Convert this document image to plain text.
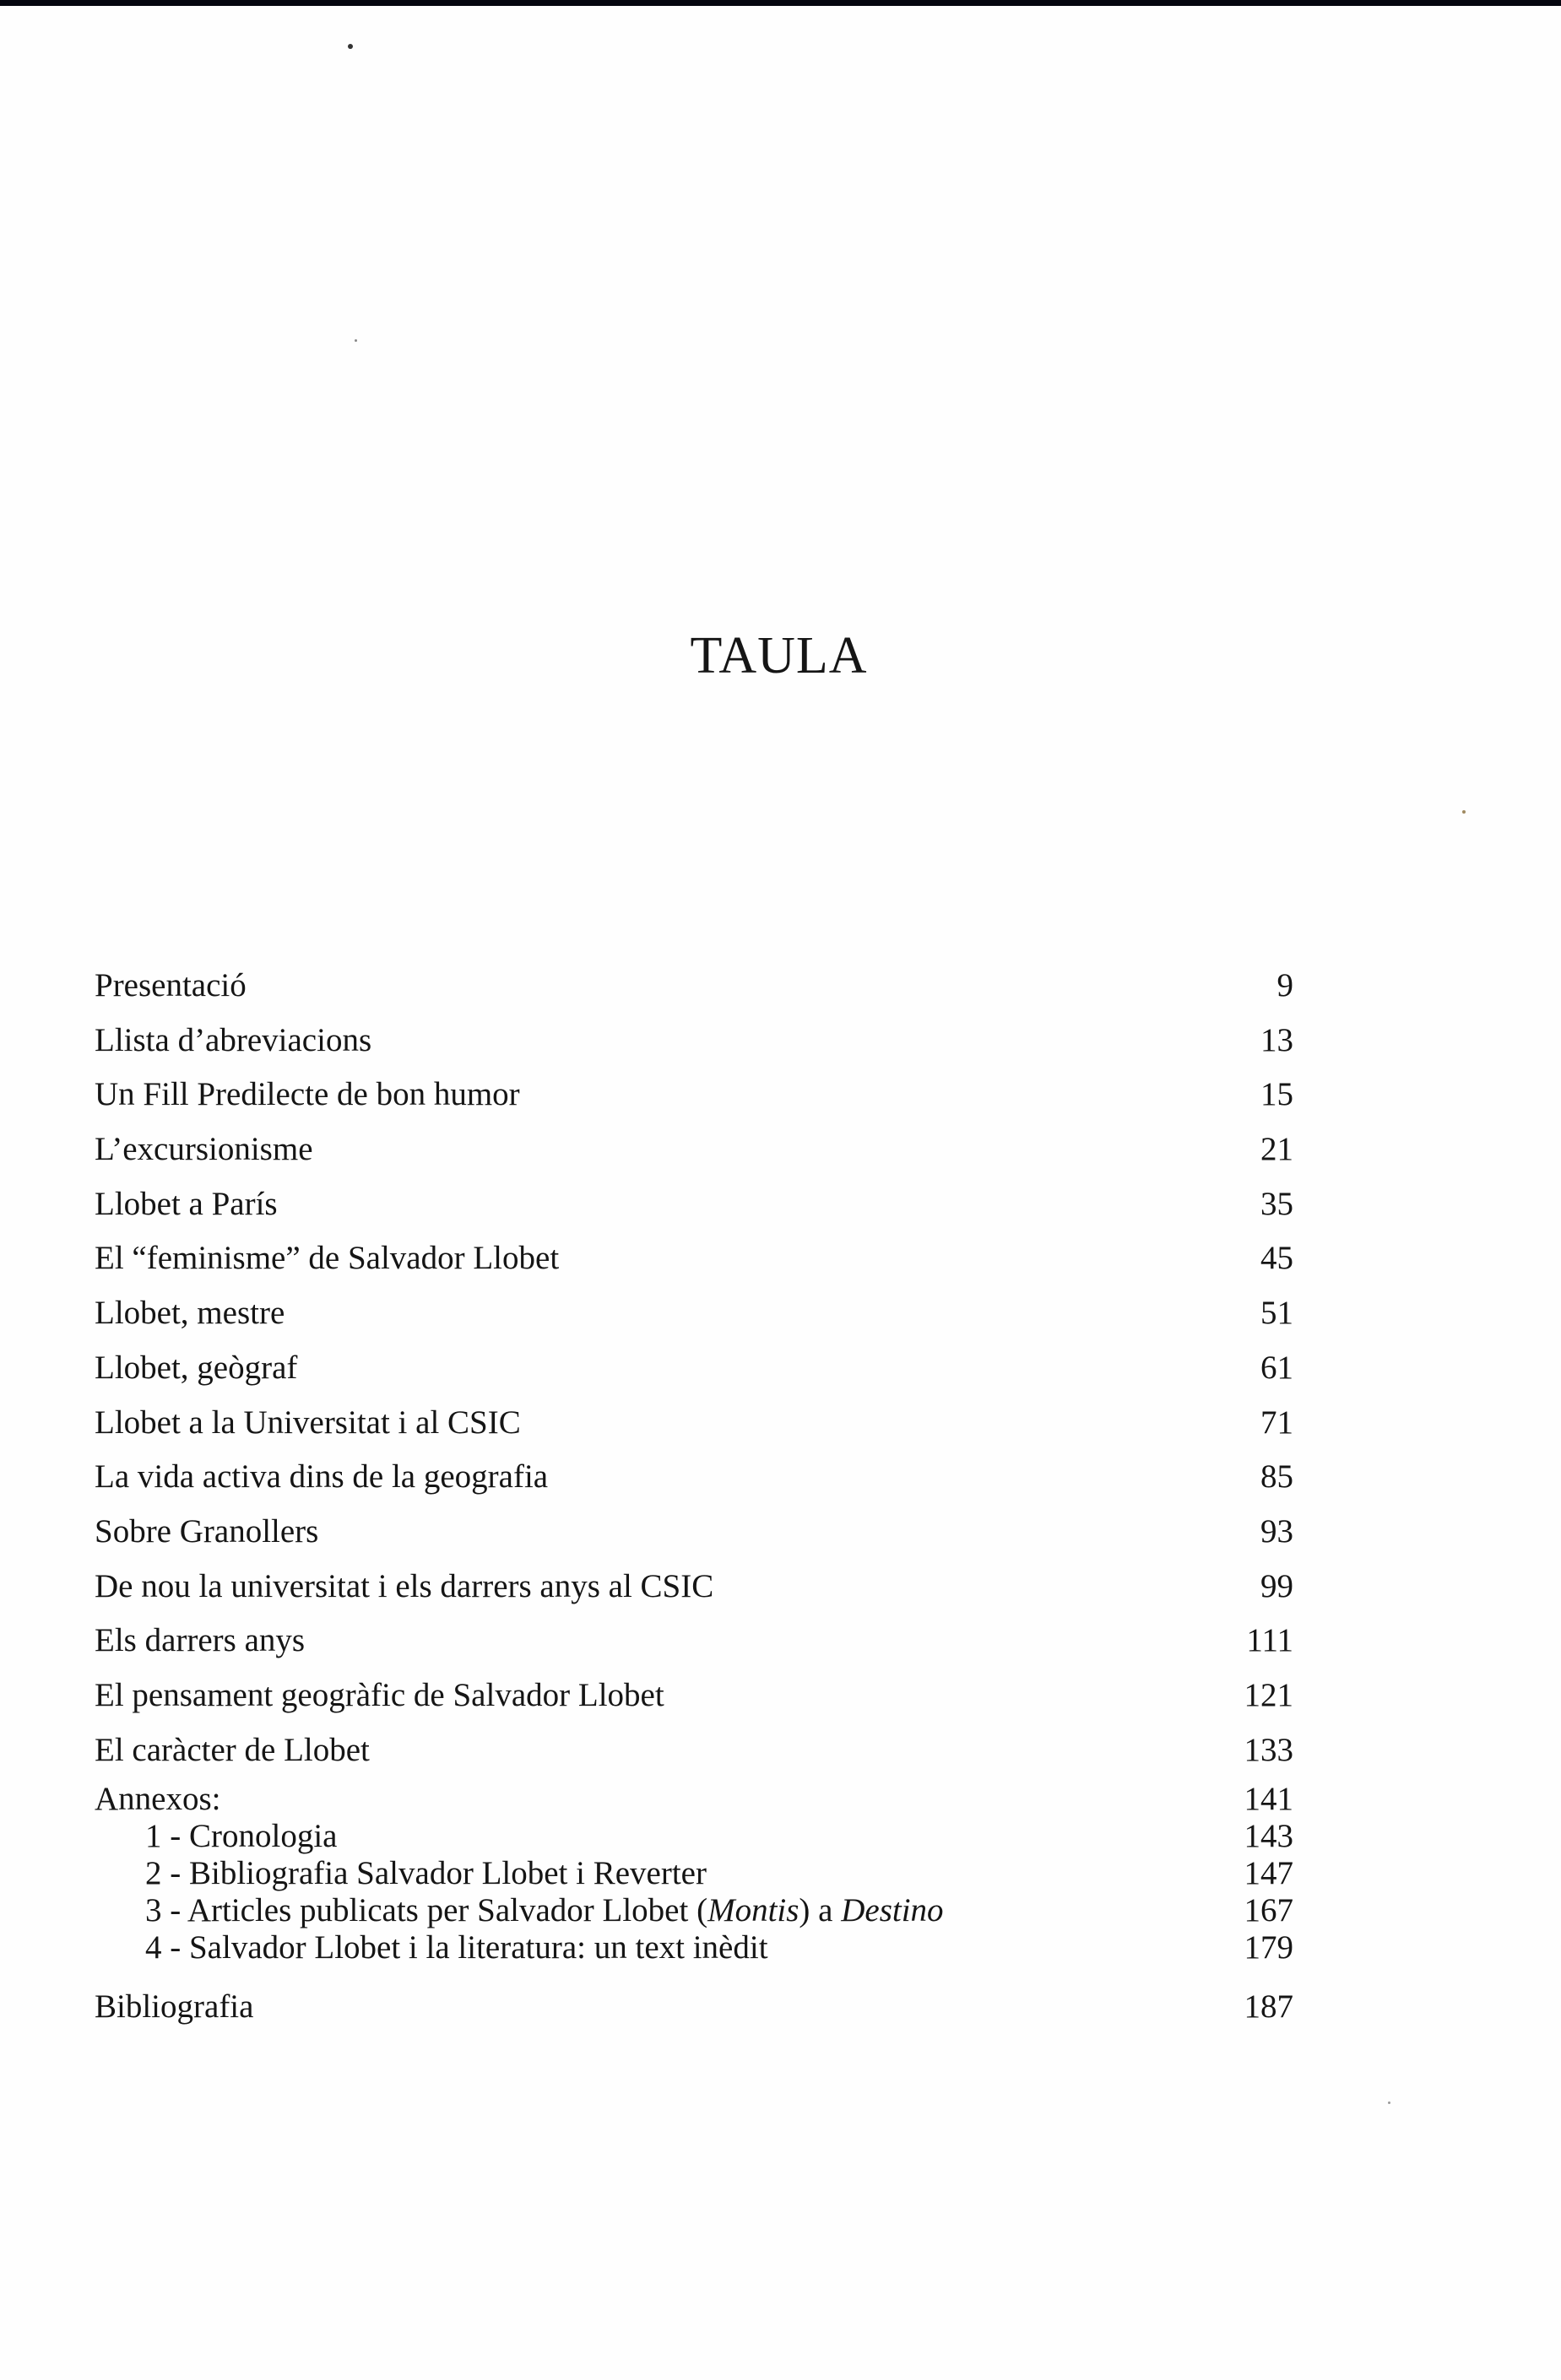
TAULA
Presentació	9
Llista d’abreviacions	13
Un Fill Predilecte de bon humor	15
L’excursionisme	21
Llobet a París	35
El “feminisme” de Salvador Llobet	45
Llobet, mestre	51
Llobet, geògraf	61
Llobet a la Universitat i al CSIC	71
La vida activa dins de la geografia	85
Sobre Granollers	93
De nou la universitat i els darrers anys al CSIC	99
Els darrers anys	111
El pensament geogràfic de Salvador Llobet	121
El caràcter de Llobet	133
Annexos:	141
1 - Cronologia	143
2 - Bibliografia Salvador Llobet i Reverter	147
3 - Articles publicats per Salvador Llobet (Montis) a Destino	167
4 - Salvador Llobet i la literatura: un text inèdit	179
Bibliografia	187
